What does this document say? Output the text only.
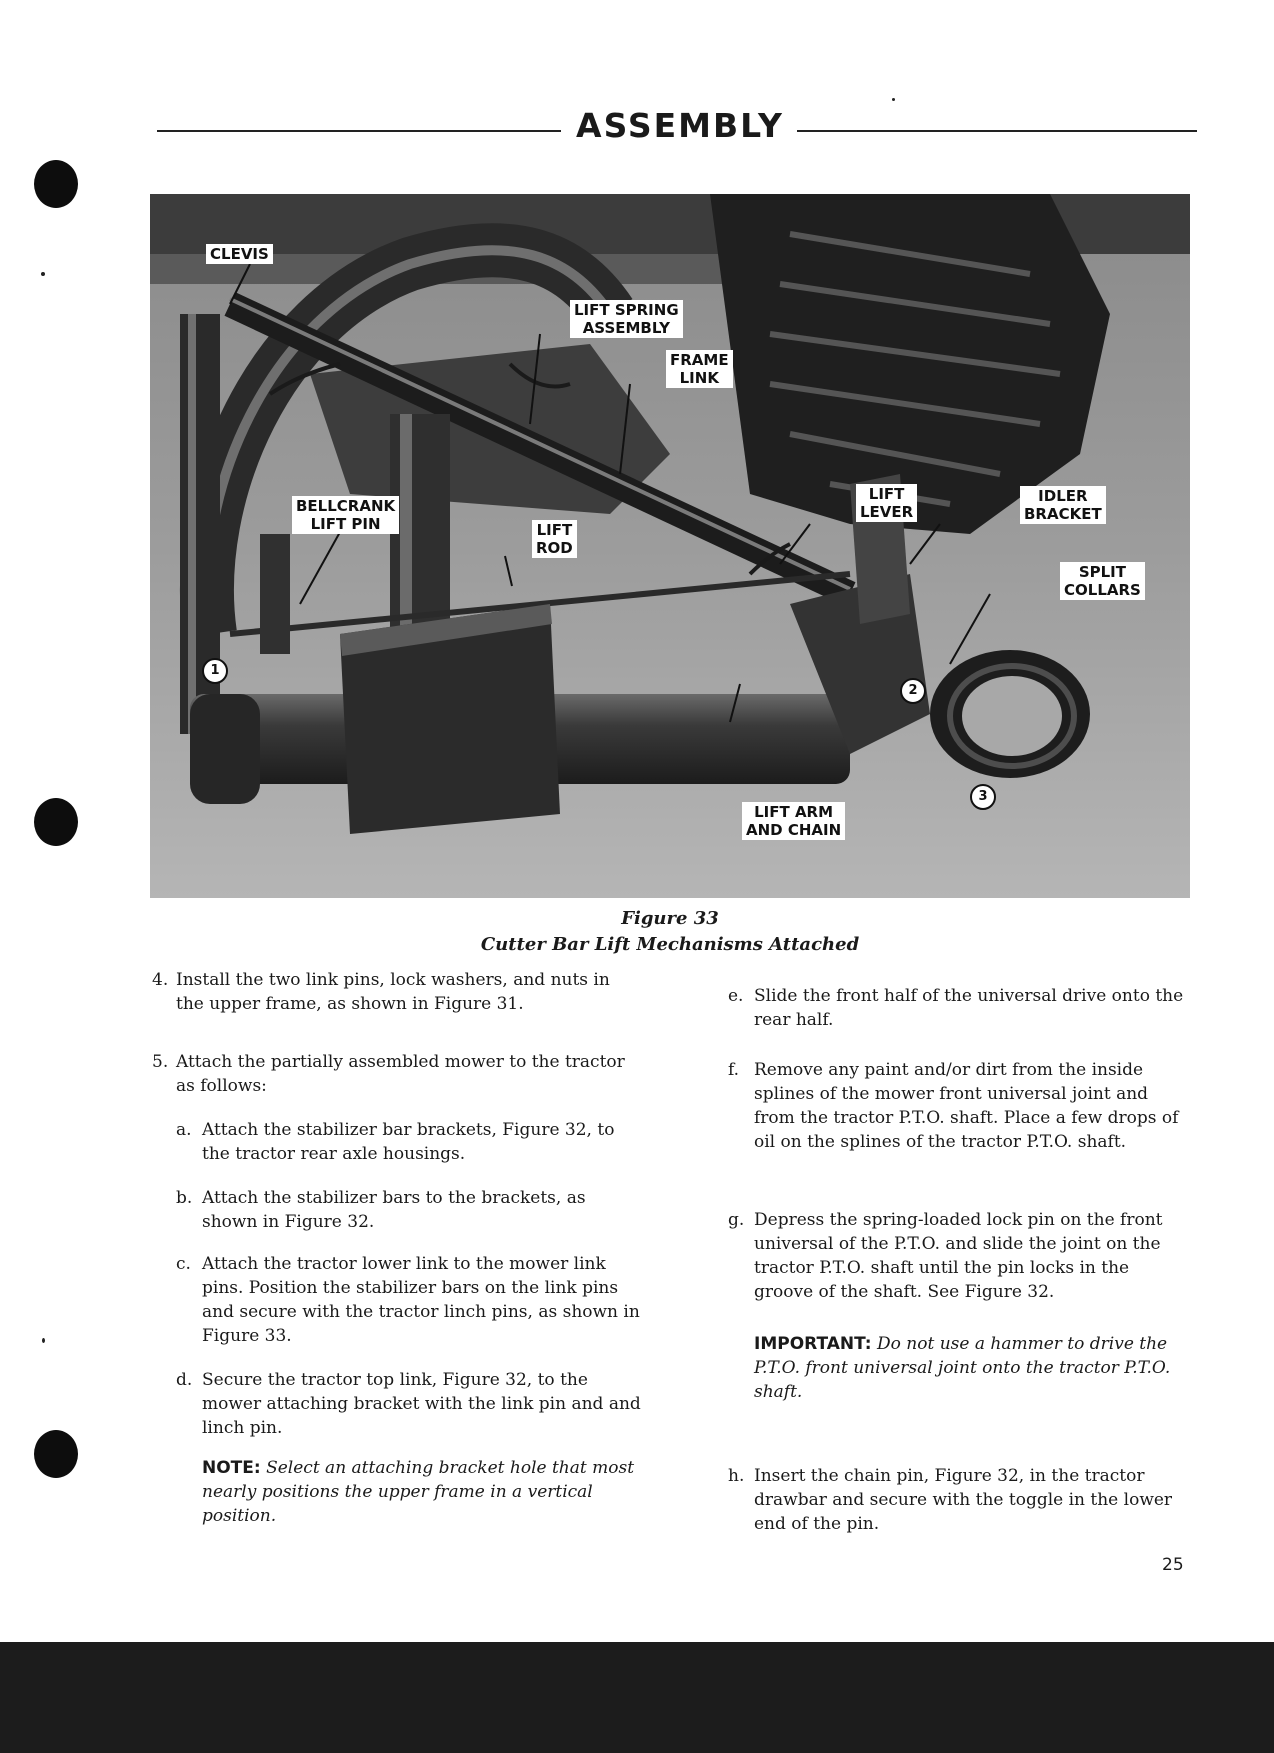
ASSEMBLY
CLEVIS
LIFT SPRING
ASSEMBLY
FRAME
LINK
BELLCRANK
LIFT PIN	LIFT
ROD
LIFT
LEVER
IDLER
BRACKET
SPLIT
COLLARS
LIFT ARM
AND CHAIN
1
2
3
Figure 33
Cutter Bar Lift Mechanisms Attached
4. Install the two link pins, lock washers, and nuts in the upper frame, as shown in Figure 31.
5. Attach the partially assembled mower to the tractor as follows:
a. Attach the stabilizer bar brackets, Figure 32, to the tractor rear axle housings.
b. Attach the stabilizer bars to the brackets, as shown in Figure 32.
c. Attach the tractor lower link to the mower link pins. Position the stabilizer bars on the link pins and secure with the tractor linch pins, as shown in Figure 33.
d. Secure the tractor top link, Figure 32, to the mower attaching bracket with the link pin and and linch pin.
NOTE: Select an attaching bracket hole that most nearly positions the upper frame in a vertical position.
e. Slide the front half of the universal drive onto the rear half.
f. Remove any paint and/or dirt from the inside splines of the mower front universal joint and from the tractor P.T.O. shaft. Place a few drops of oil on the splines of the tractor P.T.O. shaft.
g. Depress the spring-loaded lock pin on the front universal of the P.T.O. and slide the joint on the tractor P.T.O. shaft until the pin locks in the groove of the shaft. See Figure 32.
IMPORTANT: Do not use a hammer to drive the P.T.O. front universal joint onto the tractor P.T.O. shaft.
h. Insert the chain pin, Figure 32, in the tractor drawbar and secure with the toggle in the lower end of the pin.
25
